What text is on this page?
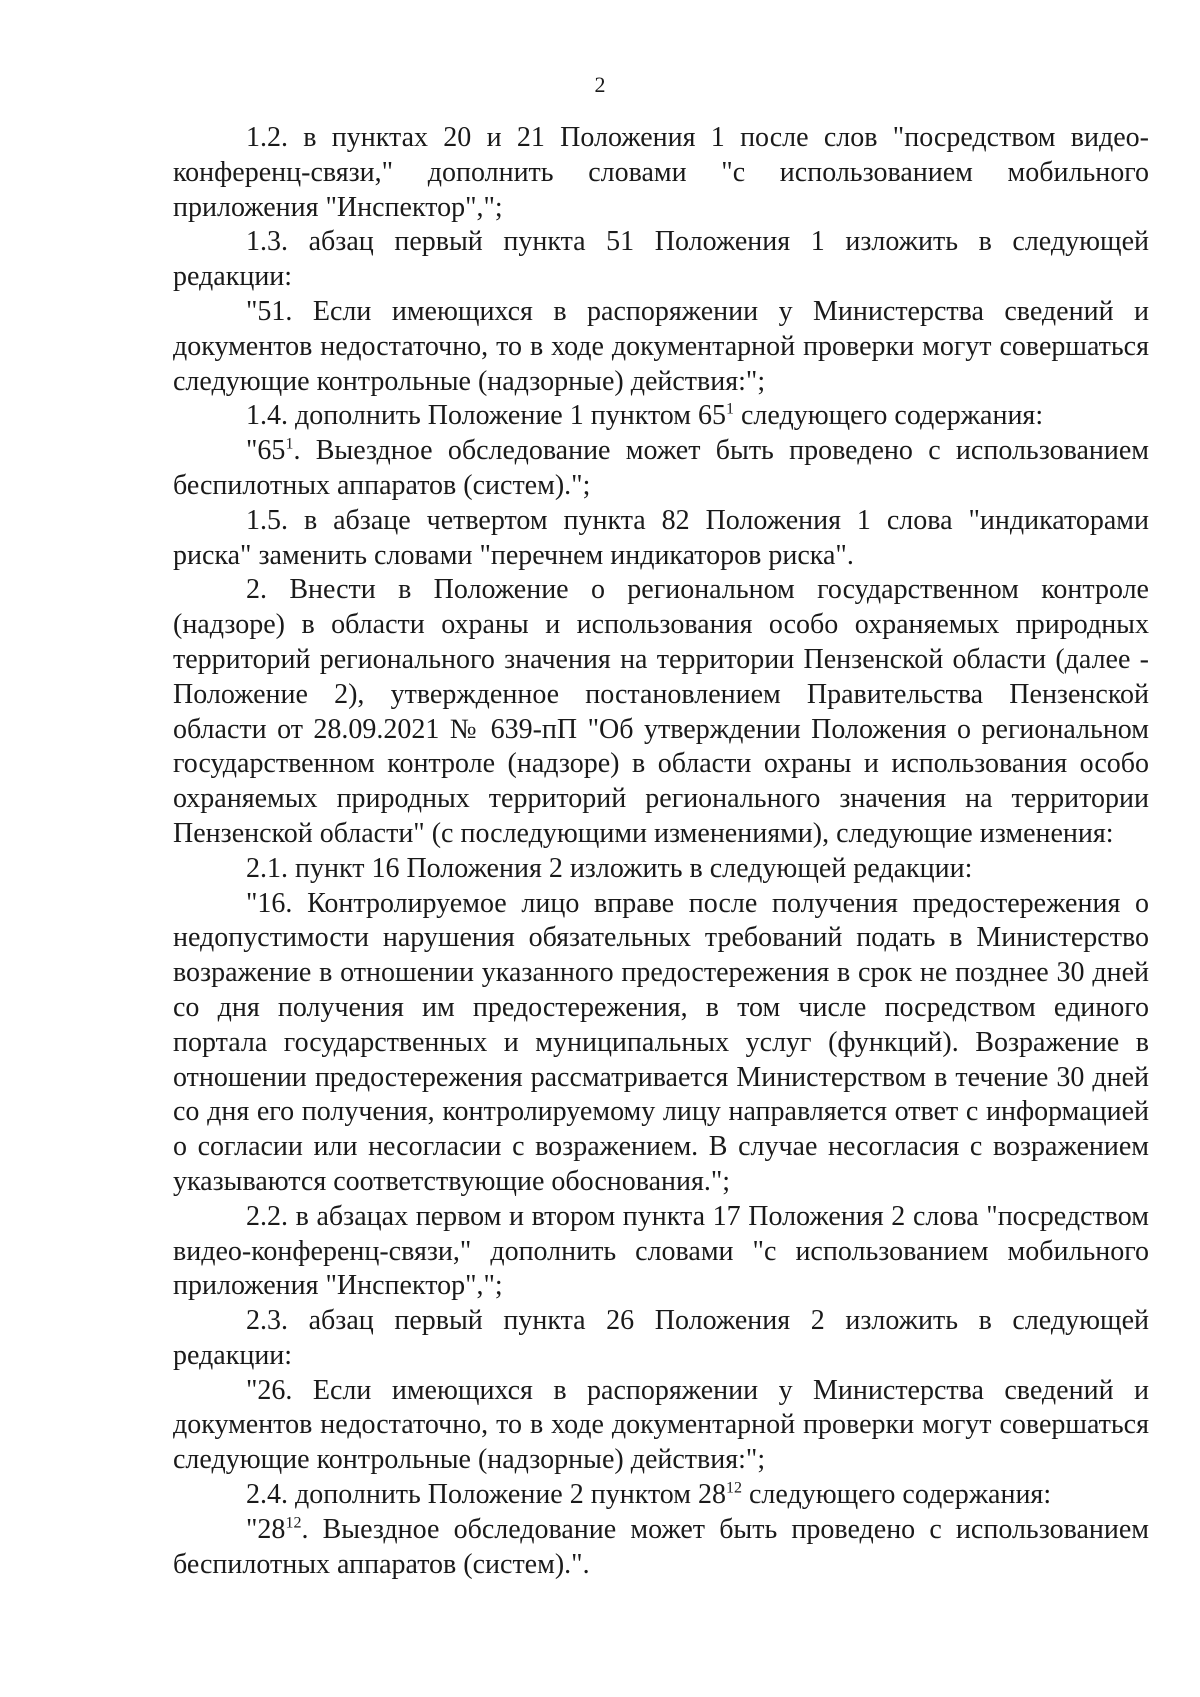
2

1.2. в пунктах 20 и 21 Положения 1 после слов "посредством видео-конференц-связи," дополнить словами "с использованием мобильного приложения "Инспектор",";

1.3. абзац первый пункта 51 Положения 1 изложить в следующей редакции:

"51. Если имеющихся в распоряжении у Министерства сведений и документов недостаточно, то в ходе документарной проверки могут совершаться следующие контрольные (надзорные) действия:";

1.4. дополнить Положение 1 пунктом $65^1$ следующего содержания:

"$65^1$. Выездное обследование может быть проведено с использованием беспилотных аппаратов (систем).";

1.5. в абзаце четвертом пункта 82 Положения 1 слова "индикаторами риска" заменить словами "перечнем индикаторов риска".

2. Внести в Положение о региональном государственном контроле (надзоре) в области охраны и использования особо охраняемых природных территорий регионального значения на территории Пензенской области (далее - Положение 2), утвержденное постановлением Правительства Пензенской области от 28.09.2021 № 639-пП "Об утверждении Положения о региональном государственном контроле (надзоре) в области охраны и использования особо охраняемых природных территорий регионального значения на территории Пензенской области" (с последующими изменениями), следующие изменения:

2.1. пункт 16 Положения 2 изложить в следующей редакции:

"16. Контролируемое лицо вправе после получения предостережения о недопустимости нарушения обязательных требований подать в Министерство возражение в отношении указанного предостережения в срок не позднее 30 дней со дня получения им предостережения, в том числе посредством единого портала государственных и муниципальных услуг (функций). Возражение в отношении предостережения рассматривается Министерством в течение 30 дней со дня его получения, контролируемому лицу направляется ответ с информацией о согласии или несогласии с возражением. В случае несогласия с возражением указываются соответствующие обоснования.";

2.2. в абзацах первом и втором пункта 17 Положения 2 слова "посредством видео-конференц-связи," дополнить словами "с использованием мобильного приложения "Инспектор",";

2.3. абзац первый пункта 26 Положения 2 изложить в следующей редакции:

"26. Если имеющихся в распоряжении у Министерства сведений и документов недостаточно, то в ходе документарной проверки могут совершаться следующие контрольные (надзорные) действия:";

2.4. дополнить Положение 2 пунктом $28^{12}$ следующего содержания:

"$28^{12}$. Выездное обследование может быть проведено с использованием беспилотных аппаратов (систем).".
